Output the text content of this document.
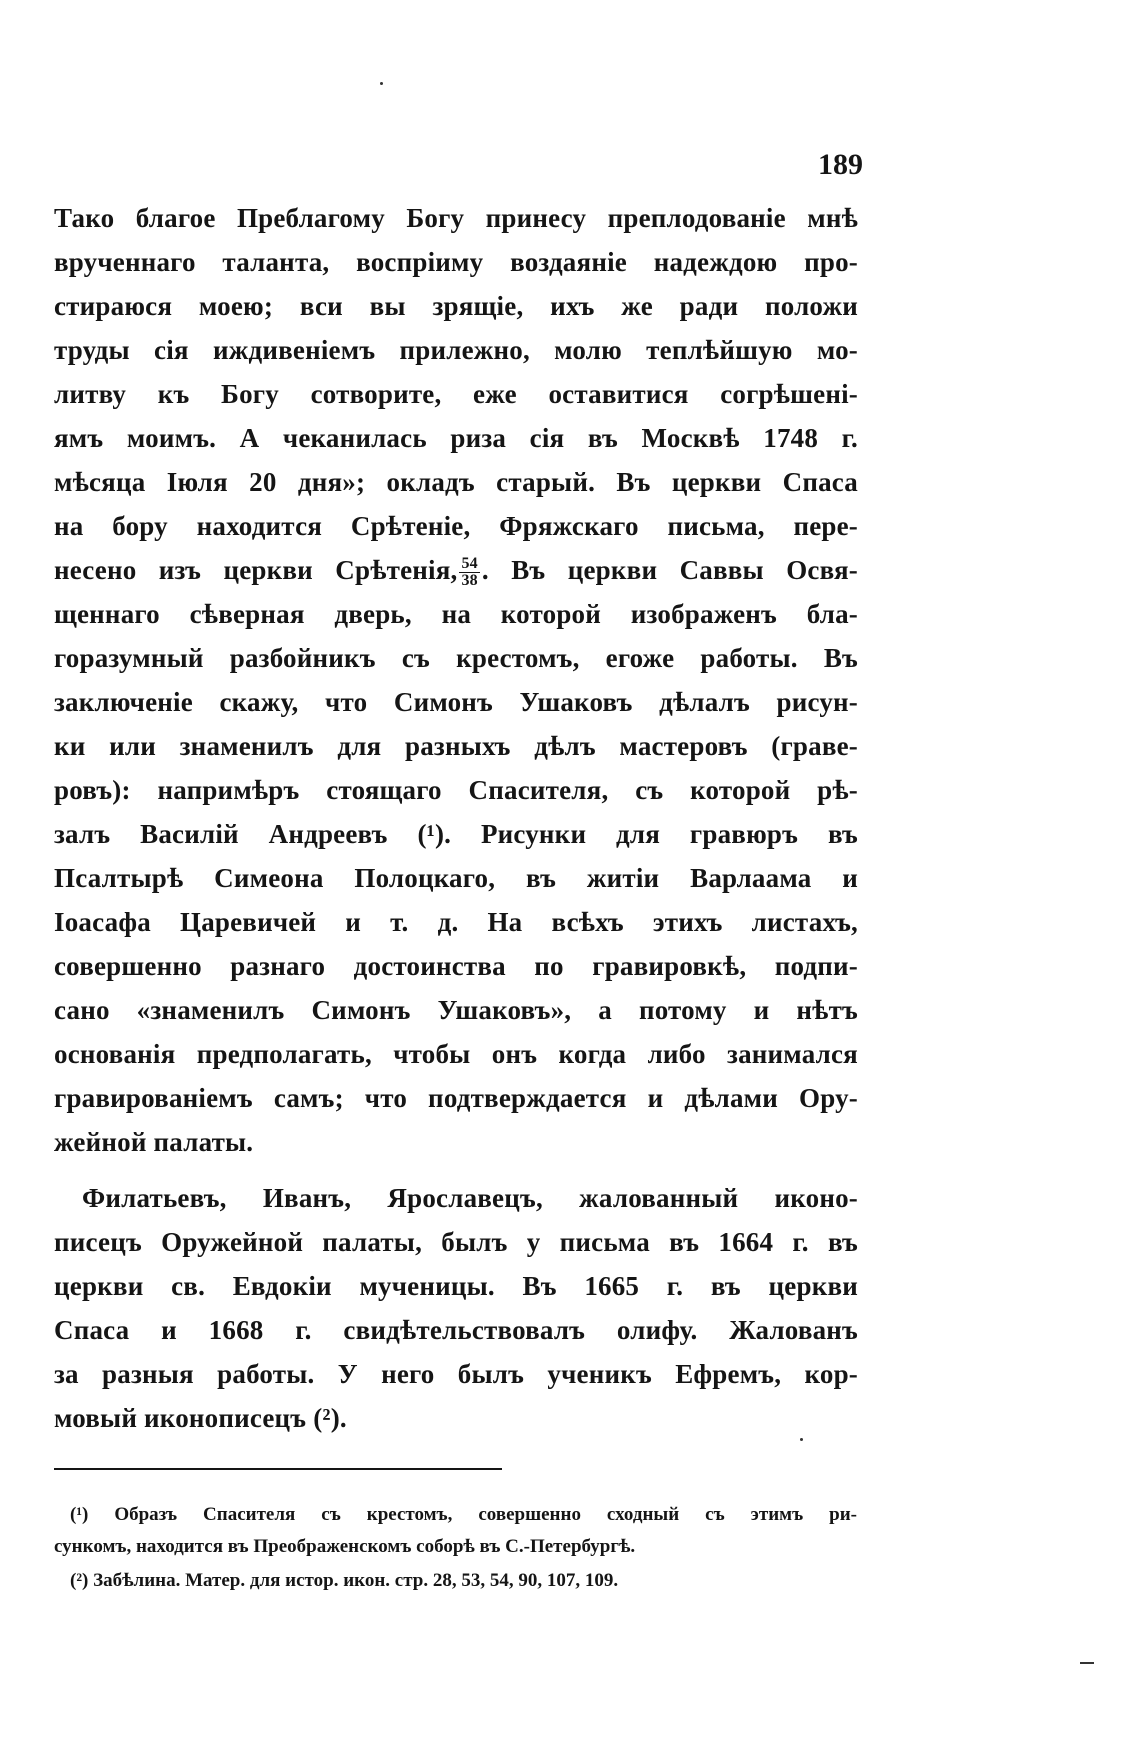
189
Тако благое Преблагому Богу принесу преплодованіе мнѣ
врученнаго таланта, воспріиму воздаяніе надеждою про-
стираюся моею; вси вы зрящіе, ихъ же ради положи
труды сія иждивеніемъ прилежно, молю теплѣйшую мо-
литву къ Богу сотворите, еже оставитися согрѣшені-
ямъ моимъ. А чеканилась риза сія въ Москвѣ 1748 г.
мѣсяца Іюля 20 дня»; окладъ старый. Въ церкви Спаса
на бору находится Срѣтеніе, Фряжскаго письма, пере-
несено изъ церкви Срѣтенія, $\frac{54}{38}$ . Въ церкви Саввы Освя-
щеннаго сѣверная дверь, на которой изображенъ бла-
горазумный разбойникъ съ крестомъ, егоже работы. Въ
заключеніе скажу, что Симонъ Ушаковъ дѣлалъ рисун-
ки или знаменилъ для разныхъ дѣлъ мастеровъ (граве-
ровъ): напримѣръ стоящаго Спасителя, съ которой рѣ-
залъ Василій Андреевъ (¹). Рисунки для гравюръ въ
Псалтырѣ Симеона Полоцкаго, въ житіи Варлаама и
Іоасафа Царевичей и т. д. На всѣхъ этихъ листахъ,
совершенно разнаго достоинства по гравировкѣ, подпи-
сано «знаменилъ Симонъ Ушаковъ», а потому и нѣтъ
основанія предполагать, чтобы онъ когда либо занимался
гравированіемъ самъ; что подтверждается и дѣлами Ору-
жейной палаты.
Филатьевъ, Иванъ, Ярославецъ, жалованный иконо-
писецъ Оружейной палаты, былъ у письма въ 1664 г. въ
церкви св. Евдокіи мученицы. Въ 1665 г. въ церкви
Спаса и 1668 г. свидѣтельствовалъ олифу. Жалованъ
за разныя работы. У него былъ ученикъ Ефремъ, кор-
мовый иконописецъ (²).
(¹) Образъ Спасителя съ крестомъ, совершенно сходный съ этимъ ри-
сункомъ, находится въ Преображенскомъ соборѣ въ С.-Петербургѣ.
(²) Забѣлина. Матер. для истор. икон. стр. 28, 53, 54, 90, 107, 109.
